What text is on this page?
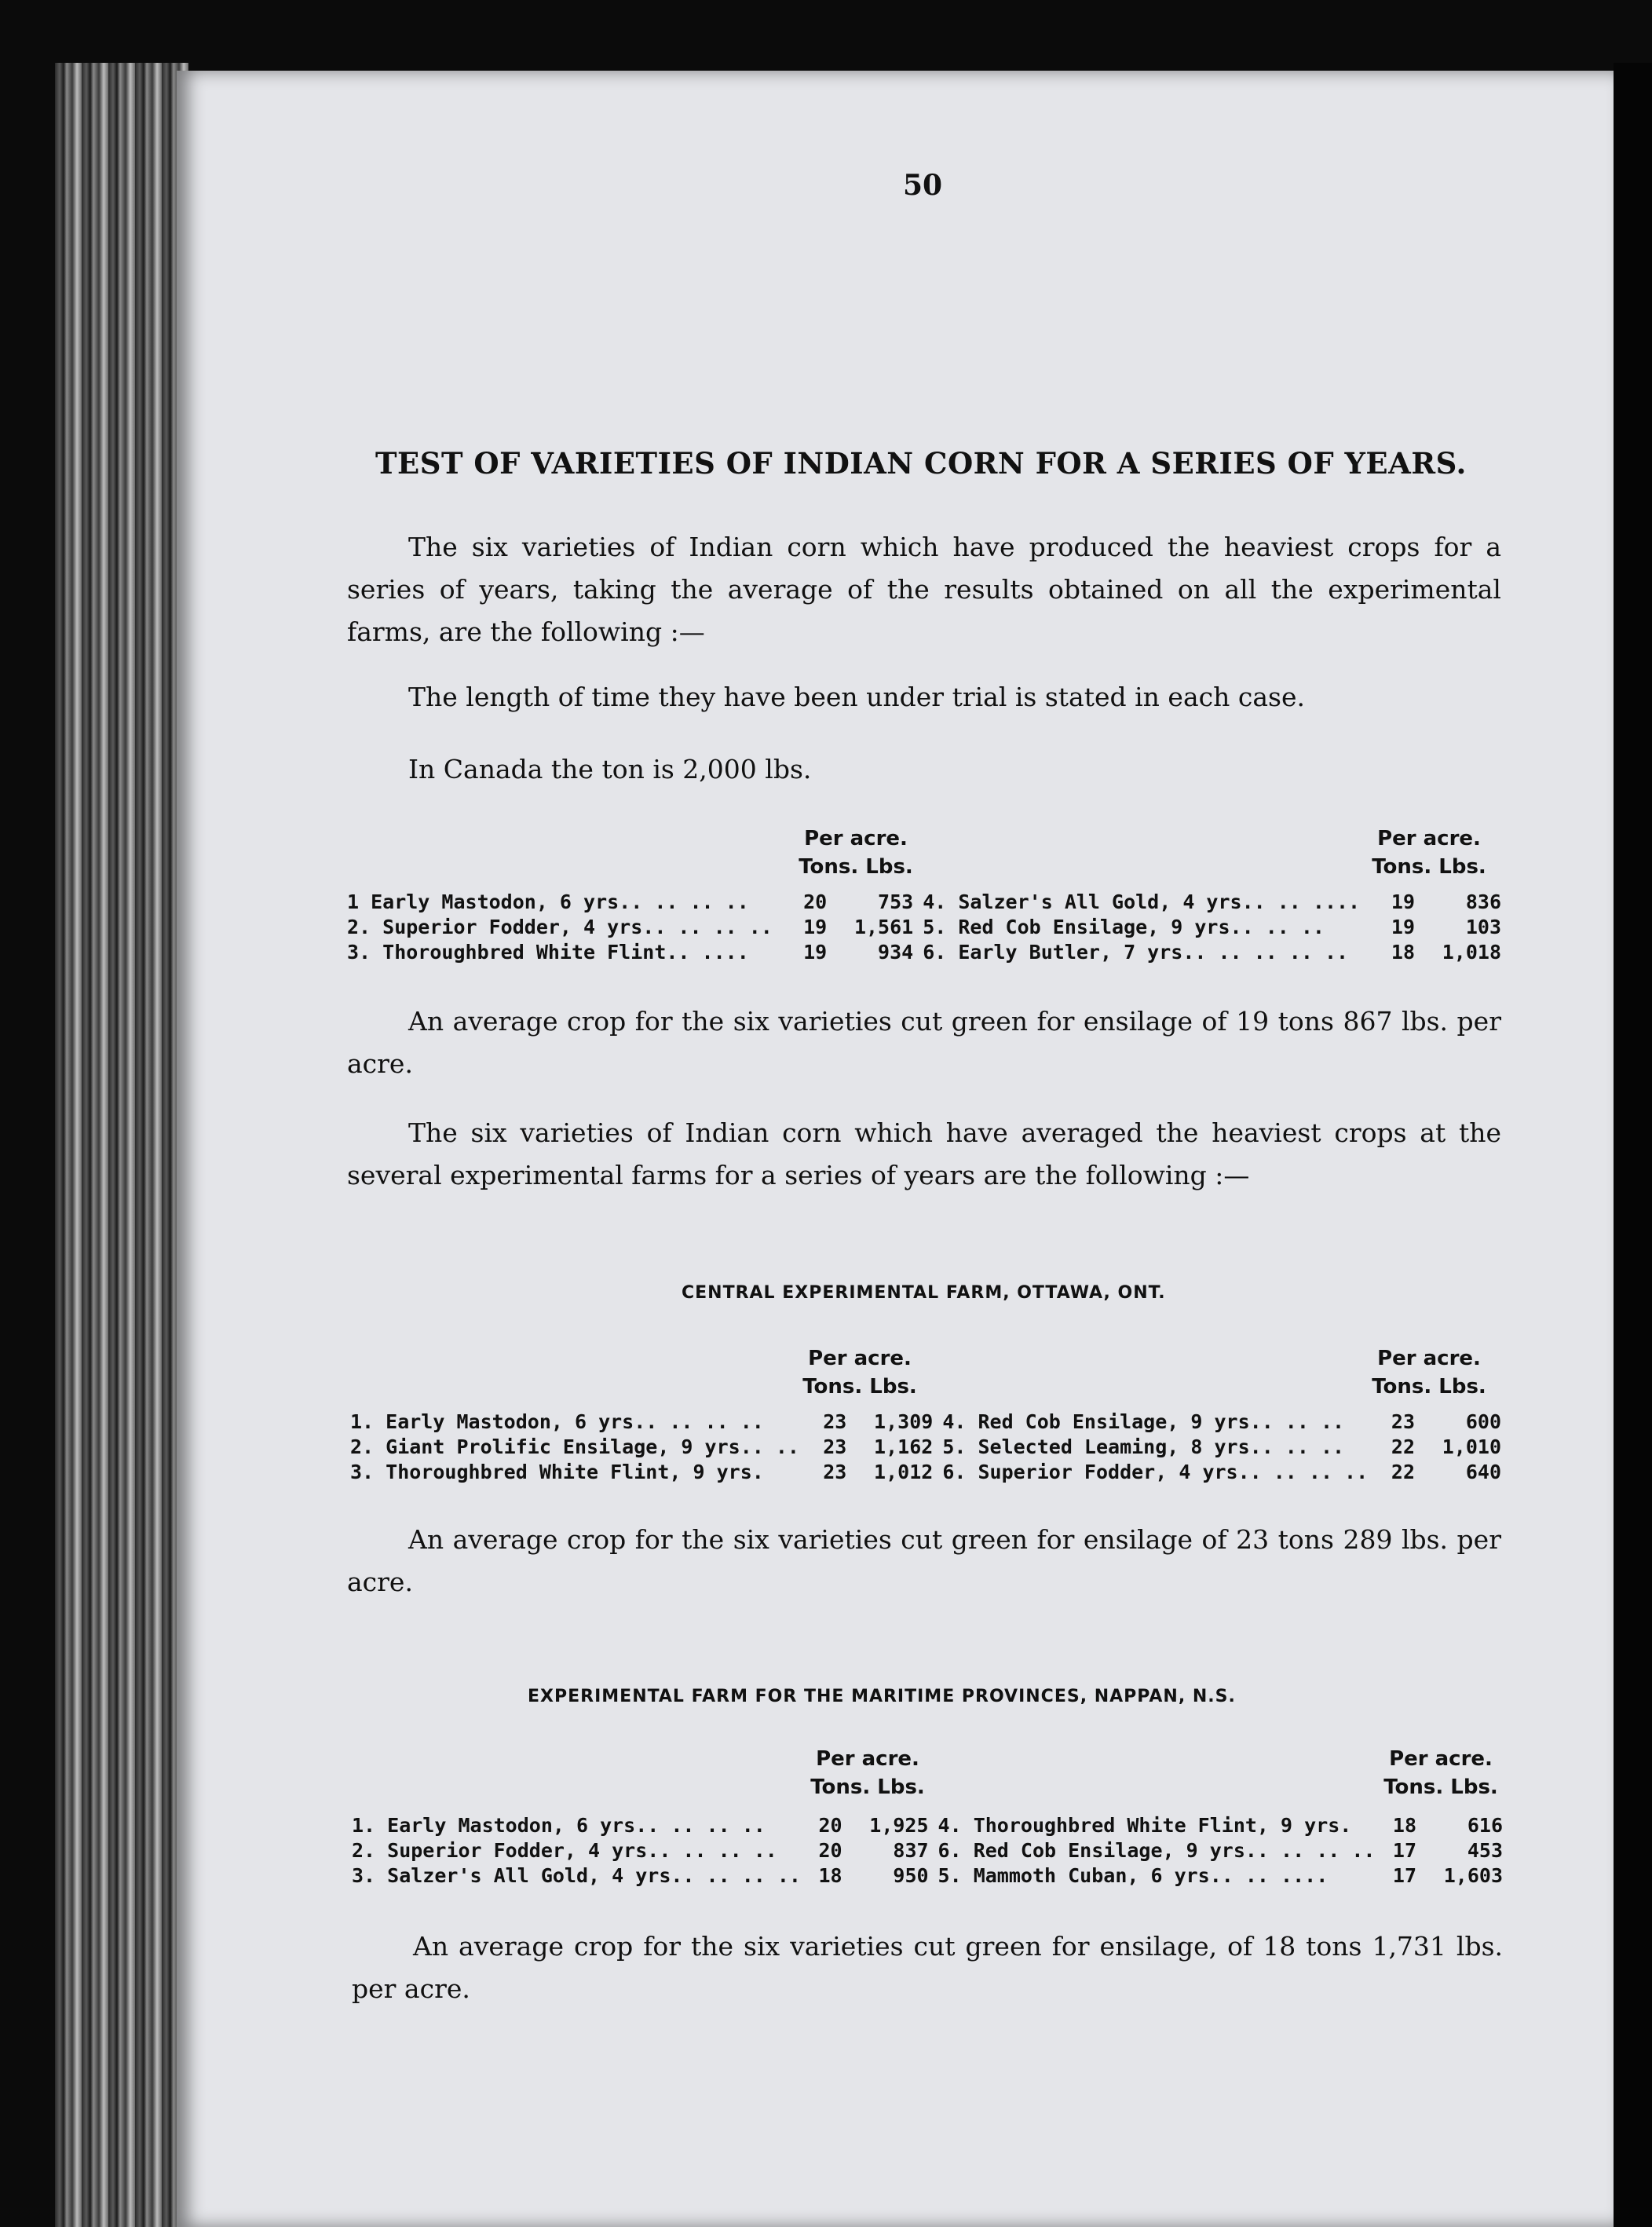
50
TEST OF VARIETIES OF INDIAN CORN FOR A SERIES OF YEARS.
The six varieties of Indian corn which have produced the heaviest crops for a series of years, taking the average of the results obtained on all the experimental farms, are the following :—
The length of time they have been under trial is stated in each case.
In Canada the ton is 2,000 lbs.
Per acre.
Tons. Lbs.
Per acre.
Tons. Lbs.
1 Early Mastodon, 6 yrs.. .. .. ..	20	753		4. Salzer's All Gold, 4 yrs.. .. ....	19	836
2. Superior Fodder, 4 yrs.. .. .. ..	19	1,561		5. Red Cob Ensilage, 9 yrs.. .. ..	19	103
3. Thoroughbred White Flint.. ....	19	934		6. Early Butler, 7 yrs.. .. .. .. ..	18	1,018
An average crop for the six varieties cut green for ensilage of 19 tons 867 lbs. per acre.
The six varieties of Indian corn which have averaged the heaviest crops at the several experimental farms for a series of years are the following :—
CENTRAL EXPERIMENTAL FARM, OTTAWA, ONT.
Per acre.
Tons. Lbs.
Per acre.
Tons. Lbs.
1. Early Mastodon, 6 yrs.. .. .. ..	23	1,309		4. Red Cob Ensilage, 9 yrs.. .. ..	23	600
2. Giant Prolific Ensilage, 9 yrs.. ..	23	1,162		5. Selected Leaming, 8 yrs.. .. ..	22	1,010
3. Thoroughbred White Flint, 9 yrs.	23	1,012		6. Superior Fodder, 4 yrs.. .. .. ..	22	640
An average crop for the six varieties cut green for ensilage of 23 tons 289 lbs. per acre.
EXPERIMENTAL FARM FOR THE MARITIME PROVINCES, NAPPAN, N.S.
Per acre.
Tons. Lbs.
Per acre.
Tons. Lbs.
1. Early Mastodon, 6 yrs.. .. .. ..	20	1,925		4. Thoroughbred White Flint, 9 yrs.	18	616
2. Superior Fodder, 4 yrs.. .. .. ..	20	837		6. Red Cob Ensilage, 9 yrs.. .. .. ..	17	453
3. Salzer's All Gold, 4 yrs.. .. .. ..	18	950		5. Mammoth Cuban, 6 yrs.. .. ....	17	1,603
An average crop for the six varieties cut green for ensilage, of 18 tons 1,731 lbs. per acre.
